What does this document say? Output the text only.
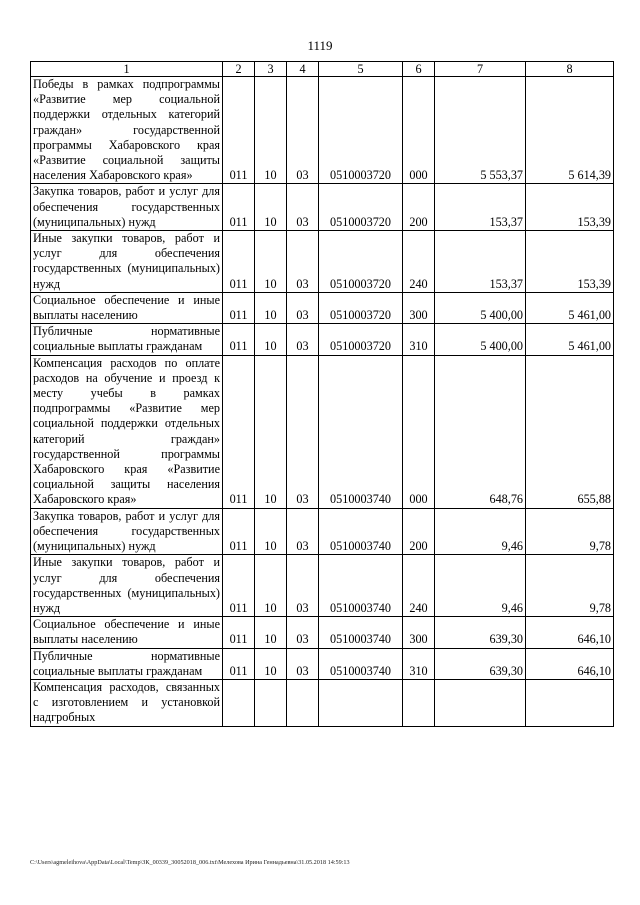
1119
1	2	3	4	5	6	7	8
Победы в рамках подпрограммы «Развитие мер социальной поддержки отдельных категорий граждан» государственной программы Хабаровского края «Развитие социальной защиты населения Хабаровского края»	011	10	03	0510003720	000	5 553,37	5 614,39
Закупка товаров, работ и услуг для обеспечения государственных (муниципальных) нужд	011	10	03	0510003720	200	153,37	153,39
Иные закупки товаров, работ и услуг для обеспечения государственных (муниципальных) нужд	011	10	03	0510003720	240	153,37	153,39
Социальное обеспечение и иные выплаты населению	011	10	03	0510003720	300	5 400,00	5 461,00
Публичные нормативные социальные выплаты гражданам	011	10	03	0510003720	310	5 400,00	5 461,00
Компенсация расходов по оплате расходов на обучение и проезд к месту учебы в рамках подпрограммы «Развитие мер социальной поддержки отдельных категорий граждан» государственной программы Хабаровского края «Развитие социальной защиты населения Хабаровского края»	011	10	03	0510003740	000	648,76	655,88
Закупка товаров, работ и услуг для обеспечения государственных (муниципальных) нужд	011	10	03	0510003740	200	9,46	9,78
Иные закупки товаров, работ и услуг для обеспечения государственных (муниципальных) нужд	011	10	03	0510003740	240	9,46	9,78
Социальное обеспечение и иные выплаты населению	011	10	03	0510003740	300	639,30	646,10
Публичные нормативные социальные выплаты гражданам	011	10	03	0510003740	310	639,30	646,10
Компенсация расходов, связанных с изготовлением и установкой надгробных							
C:\Users\agmeleihova\AppData\Local\Temp\ЗК_00339_30052018_006.txt\Мелехова Ирина Геннадьевна\31.05.2018 14:59:13
